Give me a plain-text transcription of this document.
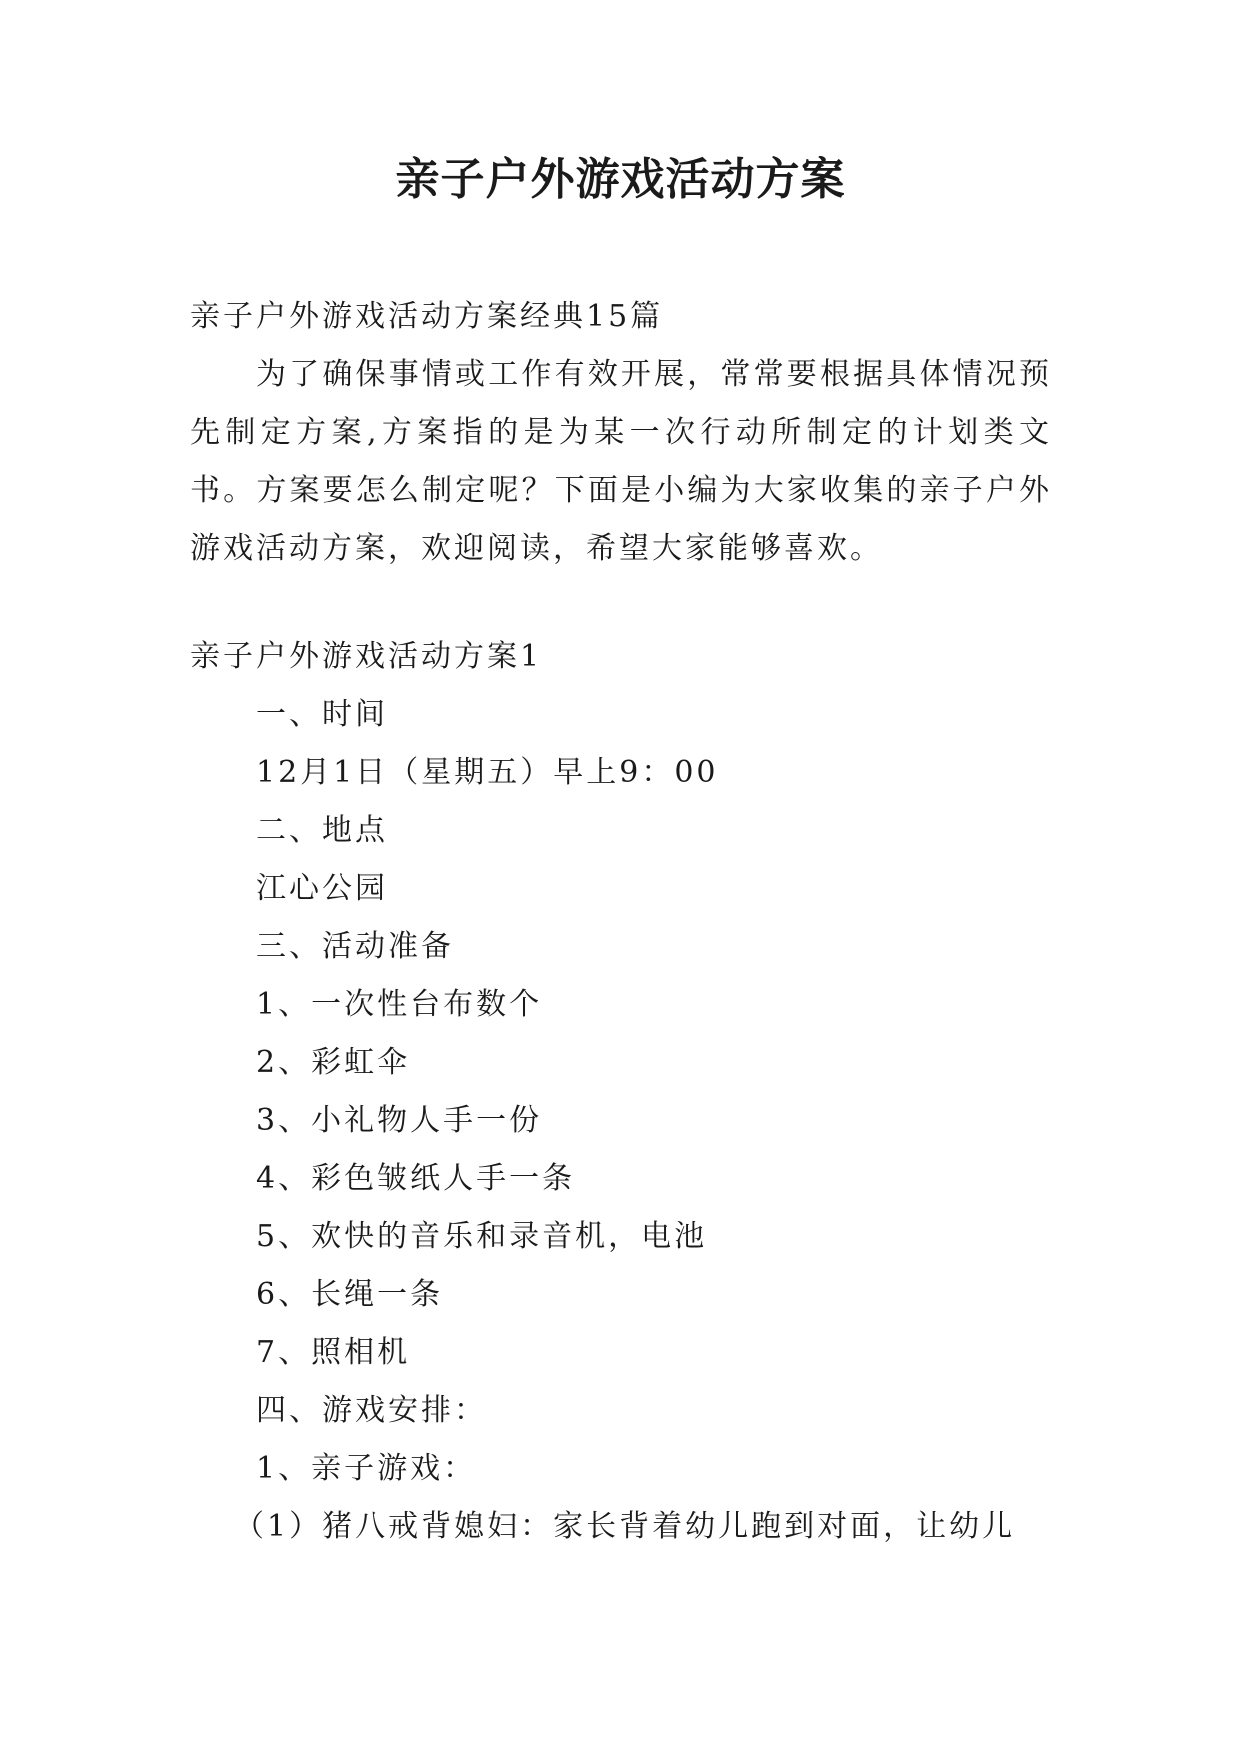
亲子户外游戏活动方案

亲子户外游戏活动方案经典15篇

为了确保事情或工作有效开展，常常要根据具体情况预先制定方案,方案指的是为某一次行动所制定的计划类文书。方案要怎么制定呢？下面是小编为大家收集的亲子户外游戏活动方案，欢迎阅读，希望大家能够喜欢。

亲子户外游戏活动方案1

一、时间

12月1日（星期五）早上9：00

二、地点

江心公园

三、活动准备

1、一次性台布数个

2、彩虹伞

3、小礼物人手一份

4、彩色皱纸人手一条

5、欢快的音乐和录音机，电池

6、长绳一条

7、照相机

四、游戏安排：

1、亲子游戏：

（1）猪八戒背媳妇：家长背着幼儿跑到对面，让幼儿
